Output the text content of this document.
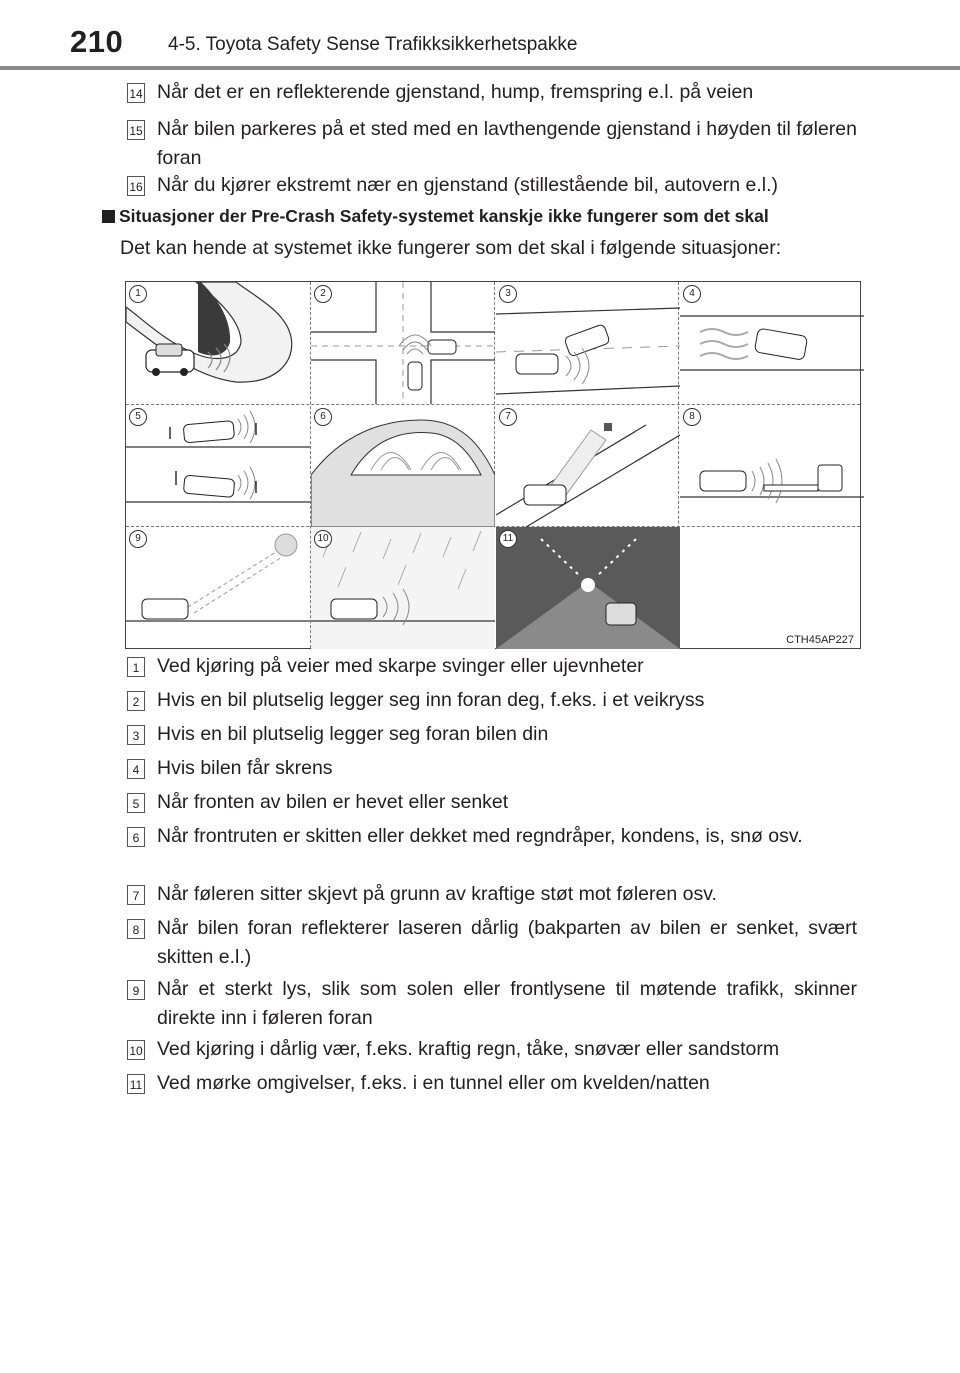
210 4-5. Toyota Safety Sense Trafikksikkerhetspakke
14 Når det er en reflekterende gjenstand, hump, fremspring e.l. på veien
15 Når bilen parkeres på et sted med en lavthengende gjenstand i høyden til føleren foran
16 Når du kjører ekstremt nær en gjenstand (stillestående bil, autovern e.l.)
Situasjoner der Pre-Crash Safety-systemet kanskje ikke fungerer som det skal
Det kan hende at systemet ikke fungerer som det skal i følgende situasjoner:
1	2	3	4
5	6	7	8
9	10	11
CTH45AP227
1 Ved kjøring på veier med skarpe svinger eller ujevnheter
2 Hvis en bil plutselig legger seg inn foran deg, f.eks. i et veikryss
3 Hvis en bil plutselig legger seg foran bilen din
4 Hvis bilen får skrens
5 Når fronten av bilen er hevet eller senket
6 Når frontruten er skitten eller dekket med regndråper, kondens, is, snø osv.
7 Når føleren sitter skjevt på grunn av kraftige støt mot føleren osv.
8 Når bilen foran reflekterer laseren dårlig (bakparten av bilen er senket, svært skitten e.l.)
9 Når et sterkt lys, slik som solen eller frontlysene til møtende trafikk, skinner direkte inn i føleren foran
10 Ved kjøring i dårlig vær, f.eks. kraftig regn, tåke, snøvær eller sandstorm
11 Ved mørke omgivelser, f.eks. i en tunnel eller om kvelden/natten
